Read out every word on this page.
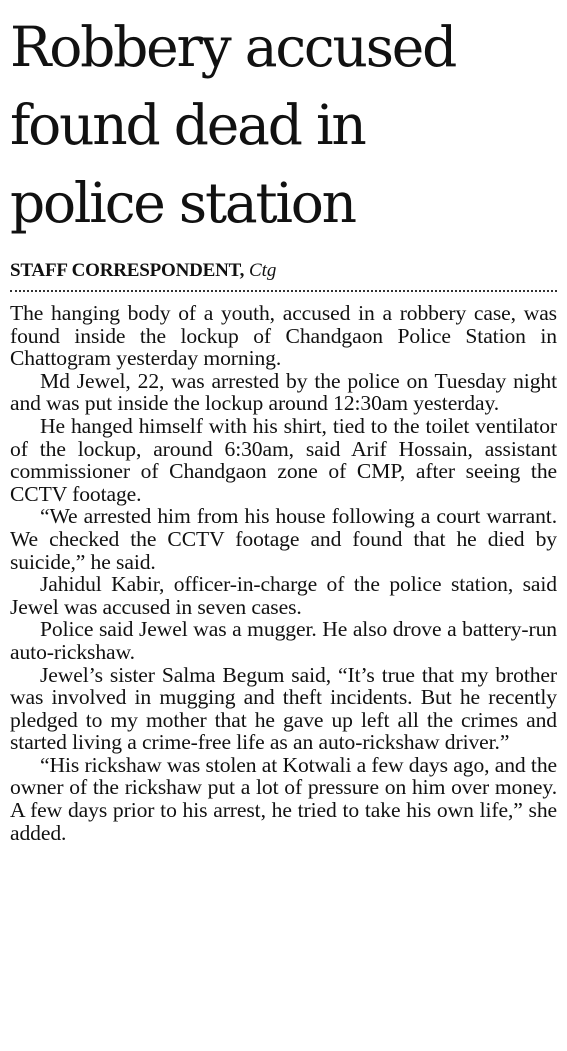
Robbery accused
found dead in
police station
STAFF CORRESPONDENT, Ctg

The hanging body of a youth, accused in a robbery case, was found inside the lockup of Chandgaon Police Station in Chattogram yesterday morning.

Md Jewel, 22, was arrested by the police on Tuesday night and was put inside the lockup around 12:30am yesterday.

He hanged himself with his shirt, tied to the toilet ventilator of the lockup, around 6:30am, said Arif Hossain, assistant commissioner of Chandgaon zone of CMP, after seeing the CCTV footage.

“We arrested him from his house following a court warrant. We checked the CCTV footage and found that he died by suicide,” he said.

Jahidul Kabir, officer-in-charge of the police station, said Jewel was accused in seven cases.

Police said Jewel was a mugger. He also drove a battery-run auto-rickshaw.

Jewel’s sister Salma Begum said, “It’s true that my brother was involved in mugging and theft incidents. But he recently pledged to my mother that he gave up left all the crimes and started living a crime-free life as an auto-rickshaw driver.”

“His rickshaw was stolen at Kotwali a few days ago, and the owner of the rickshaw put a lot of pressure on him over money. A few days prior to his arrest, he tried to take his own life,” she added.
